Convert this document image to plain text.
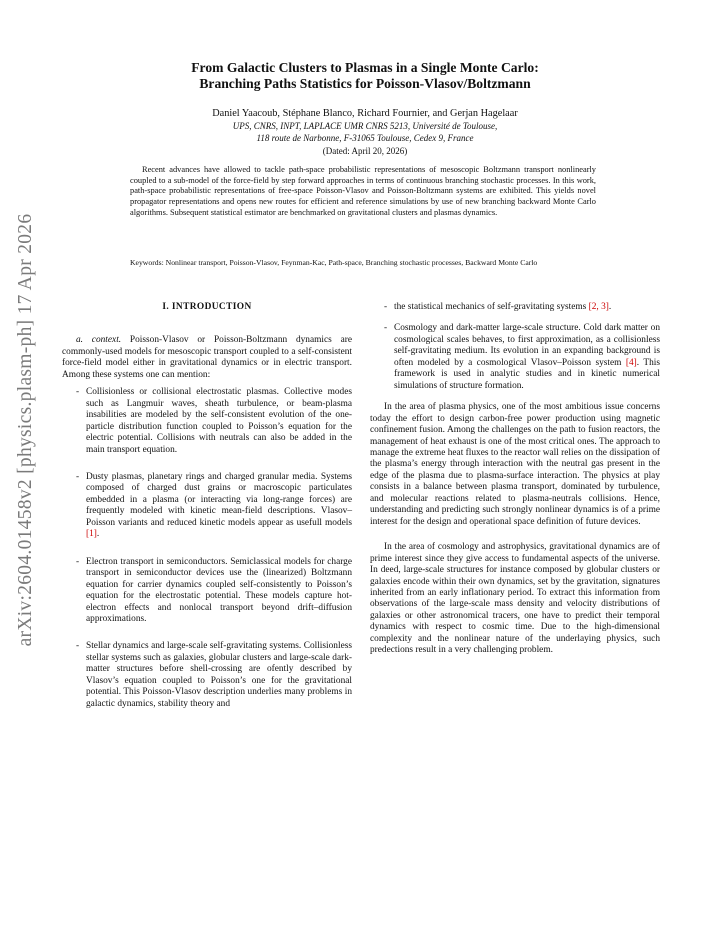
arXiv:2604.01458v2 [physics.plasm-ph] 17 Apr 2026
From Galactic Clusters to Plasmas in a Single Monte Carlo:
Branching Paths Statistics for Poisson-Vlasov/Boltzmann
Daniel Yaacoub, Stéphane Blanco, Richard Fournier, and Gerjan Hagelaar
UPS, CNRS, INPT, LAPLACE UMR CNRS 5213, Université de Toulouse,
118 route de Narbonne, F-31065 Toulouse, Cedex 9, France
(Dated: April 20, 2026)

Recent advances have allowed to tackle path-space probabilistic representations of mesoscopic Boltzmann transport nonlinearly coupled to a sub-model of the force-field by step forward approaches in terms of continuous branching stochastic processes. In this work, path-space probabilistic representations of free-space Poisson-Vlasov and Poisson-Boltzmann systems are exhibited. This yields novel propagator representations and opens new routes for efficient and reference simulations by use of new branching backward Monte Carlo algorithms. Subsequent statistical estimator are benchmarked on gravitational clusters and plasmas dynamics.

Keywords: Nonlinear transport, Poisson-Vlasov, Feynman-Kac, Path-space, Branching stochastic processes, Backward Monte Carlo

I. INTRODUCTION

a. context. Poisson-Vlasov or Poisson-Boltzmann dynamics are commonly-used models for mesoscopic transport coupled to a self-consistent force-field model either in gravitational dynamics or in electric transport. Among these systems one can mention:

- Collisionless or collisional electrostatic plasmas. Collective modes such as Langmuir waves, sheath turbulence, or beam-plasma insabilities are modeled by the self-consistent evolution of the one-particle distribution function coupled to Poisson’s equation for the electric potential. Collisions with neutrals can also be added in the main transport equation.
- Dusty plasmas, planetary rings and charged granular media. Systems composed of charged dust grains or macroscopic particulates embedded in a plasma (or interacting via long-range forces) are frequently modeled with kinetic mean-field descriptions. Vlasov–Poisson variants and reduced kinetic models appear as usefull models [1].
- Electron transport in semiconductors. Semiclassical models for charge transport in semiconductor devices use the (linearized) Boltzmann equation for carrier dynamics coupled self-consistently to Poisson’s equation for the electrostatic potential. These models capture hot-electron effects and nonlocal transport beyond drift–diffusion approximations.
- Stellar dynamics and large-scale self-gravitating systems. Collisionless stellar systems such as galaxies, globular clusters and large-scale dark-matter structures before shell-crossing are ofently described by Vlasov’s equation coupled to Poisson’s one for the gravitational potential. This Poisson-Vlasov description underlies many problems in galactic dynamics, stability theory and
- the statistical mechanics of self-gravitating systems [2, 3].
- Cosmology and dark-matter large-scale structure. Cold dark matter on cosmological scales behaves, to first approximation, as a collisionless self-gravitating medium. Its evolution in an expanding background is often modeled by a cosmological Vlasov–Poisson system [4]. This framework is used in analytic studies and in kinetic numerical simulations of structure formation.

In the area of plasma physics, one of the most ambitious issue concerns today the effort to design carbon-free power production using magnetic confinement fusion. Among the challenges on the path to fusion reactors, the management of heat exhaust is one of the most critical ones. The approach to manage the extreme heat fluxes to the reactor wall relies on the dissipation of the plasma’s energy through interaction with the neutral gas present in the edge of the plasma due to plasma-surface interaction. The physics at play consists in a balance between plasma transport, dominated by turbulence, and molecular reactions related to plasma-neutrals collisions. Hence, understanding and predicting such strongly nonlinear dynamics is of a prime interest for the design and operational space definition of future devices.

In the area of cosmology and astrophysics, gravitational dynamics are of prime interest since they give access to fundamental aspects of the universe. In deed, large-scale structures for instance composed by globular clusters or galaxies encode within their own dynamics, set by the gravitation, signatures inherited from an early inflationary period. To extract this information from observations of the large-scale mass density and velocity distributions of galaxies or other astronomical tracers, one have to predict their temporal dynamics with respect to cosmic time. Due to the high-dimensional complexity and the nonlinear nature of the underlaying physics, such predections result in a very challenging problem.
